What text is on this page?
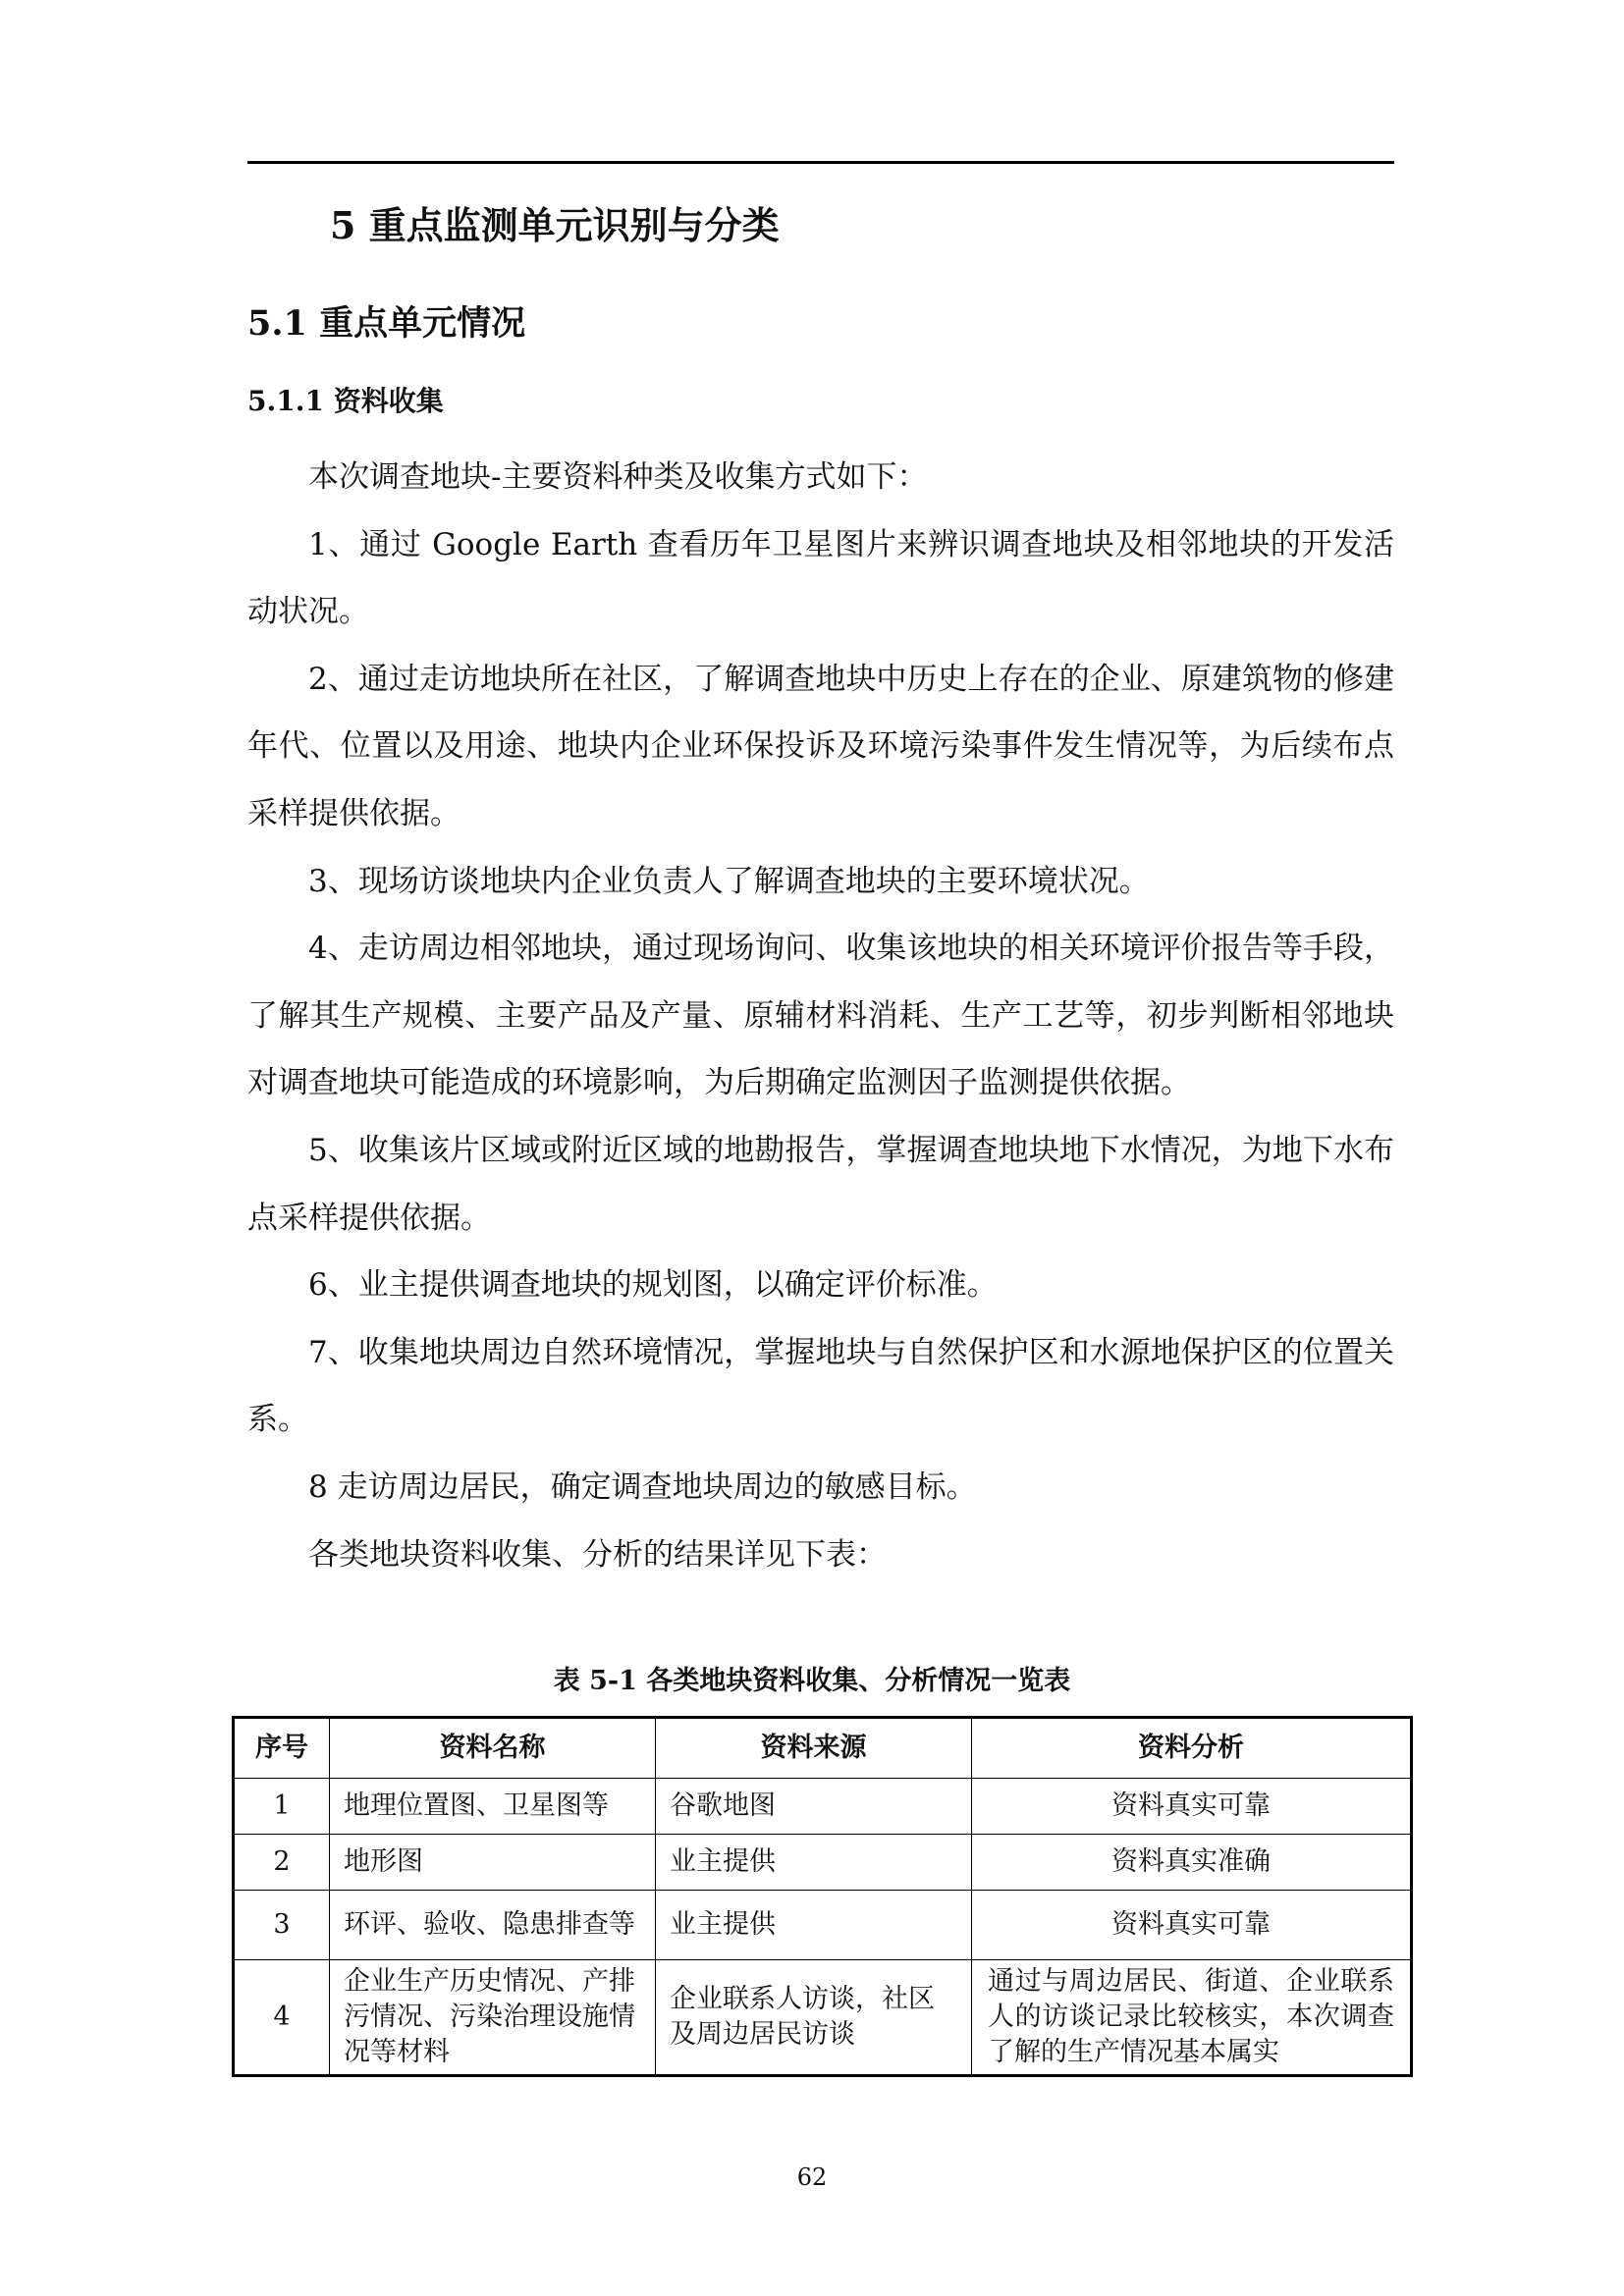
5 重点监测单元识别与分类
5.1 重点单元情况
5.1.1 资料收集

本次调查地块-主要资料种类及收集方式如下：

1、通过 Google Earth 查看历年卫星图片来辨识调查地块及相邻地块的开发活动状况。

2、通过走访地块所在社区，了解调查地块中历史上存在的企业、原建筑物的修建年代、位置以及用途、地块内企业环保投诉及环境污染事件发生情况等，为后续布点采样提供依据。

3、现场访谈地块内企业负责人了解调查地块的主要环境状况。

4、走访周边相邻地块，通过现场询问、收集该地块的相关环境评价报告等手段，了解其生产规模、主要产品及产量、原辅材料消耗、生产工艺等，初步判断相邻地块对调查地块可能造成的环境影响，为后期确定监测因子监测提供依据。

5、收集该片区域或附近区域的地勘报告，掌握调查地块地下水情况，为地下水布点采样提供依据。

6、业主提供调查地块的规划图，以确定评价标准。

7、收集地块周边自然环境情况，掌握地块与自然保护区和水源地保护区的位置关系。

8 走访周边居民，确定调查地块周边的敏感目标。

各类地块资料收集、分析的结果详见下表：

表 5-1 各类地块资料收集、分析情况一览表
序号	资料名称	资料来源	资料分析
1	地理位置图、卫星图等	谷歌地图	资料真实可靠
2	地形图	业主提供	资料真实准确
3	环评、验收、隐患排查等	业主提供	资料真实可靠
4	企业生产历史情况、产排污情况、污染治理设施情况等材料	企业联系人访谈，社区及周边居民访谈	通过与周边居民、街道、企业联系人的访谈记录比较核实，本次调查了解的生产情况基本属实
62
